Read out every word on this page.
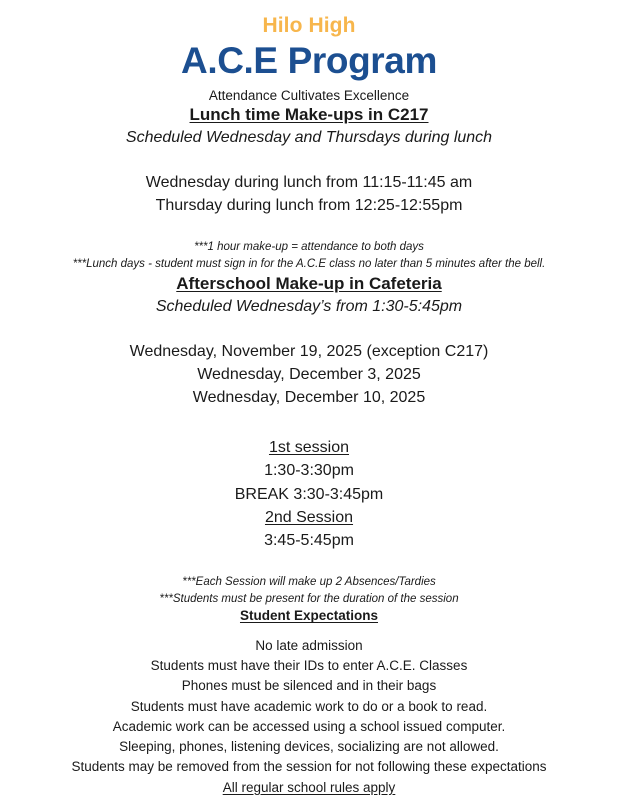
Hilo High
A.C.E Program
Attendance Cultivates Excellence
Lunch time Make-ups in C217
Scheduled Wednesday and Thursdays during lunch
Wednesday during lunch from 11:15-11:45 am
Thursday during lunch from 12:25-12:55pm
***1 hour make-up = attendance to both days
***Lunch days - student must sign in for the A.C.E class no later than 5 minutes after the bell.
Afterschool Make-up in Cafeteria
Scheduled Wednesday’s from 1:30-5:45pm
Wednesday, November 19, 2025 (exception C217)
Wednesday, December 3, 2025
Wednesday, December 10, 2025
1st session
1:30-3:30pm
BREAK 3:30-3:45pm
2nd Session
3:45-5:45pm
***Each Session will make up 2 Absences/Tardies
***Students must be present for the duration of the session
Student Expectations
No late admission
Students must have their IDs to enter A.C.E. Classes
Phones must be silenced and in their bags
Students must have academic work to do or a book to read.
Academic work can be accessed using a school issued computer.
Sleeping, phones, listening devices, socializing are not allowed.
Students may be removed from the session for not following these expectations
All regular school rules apply
